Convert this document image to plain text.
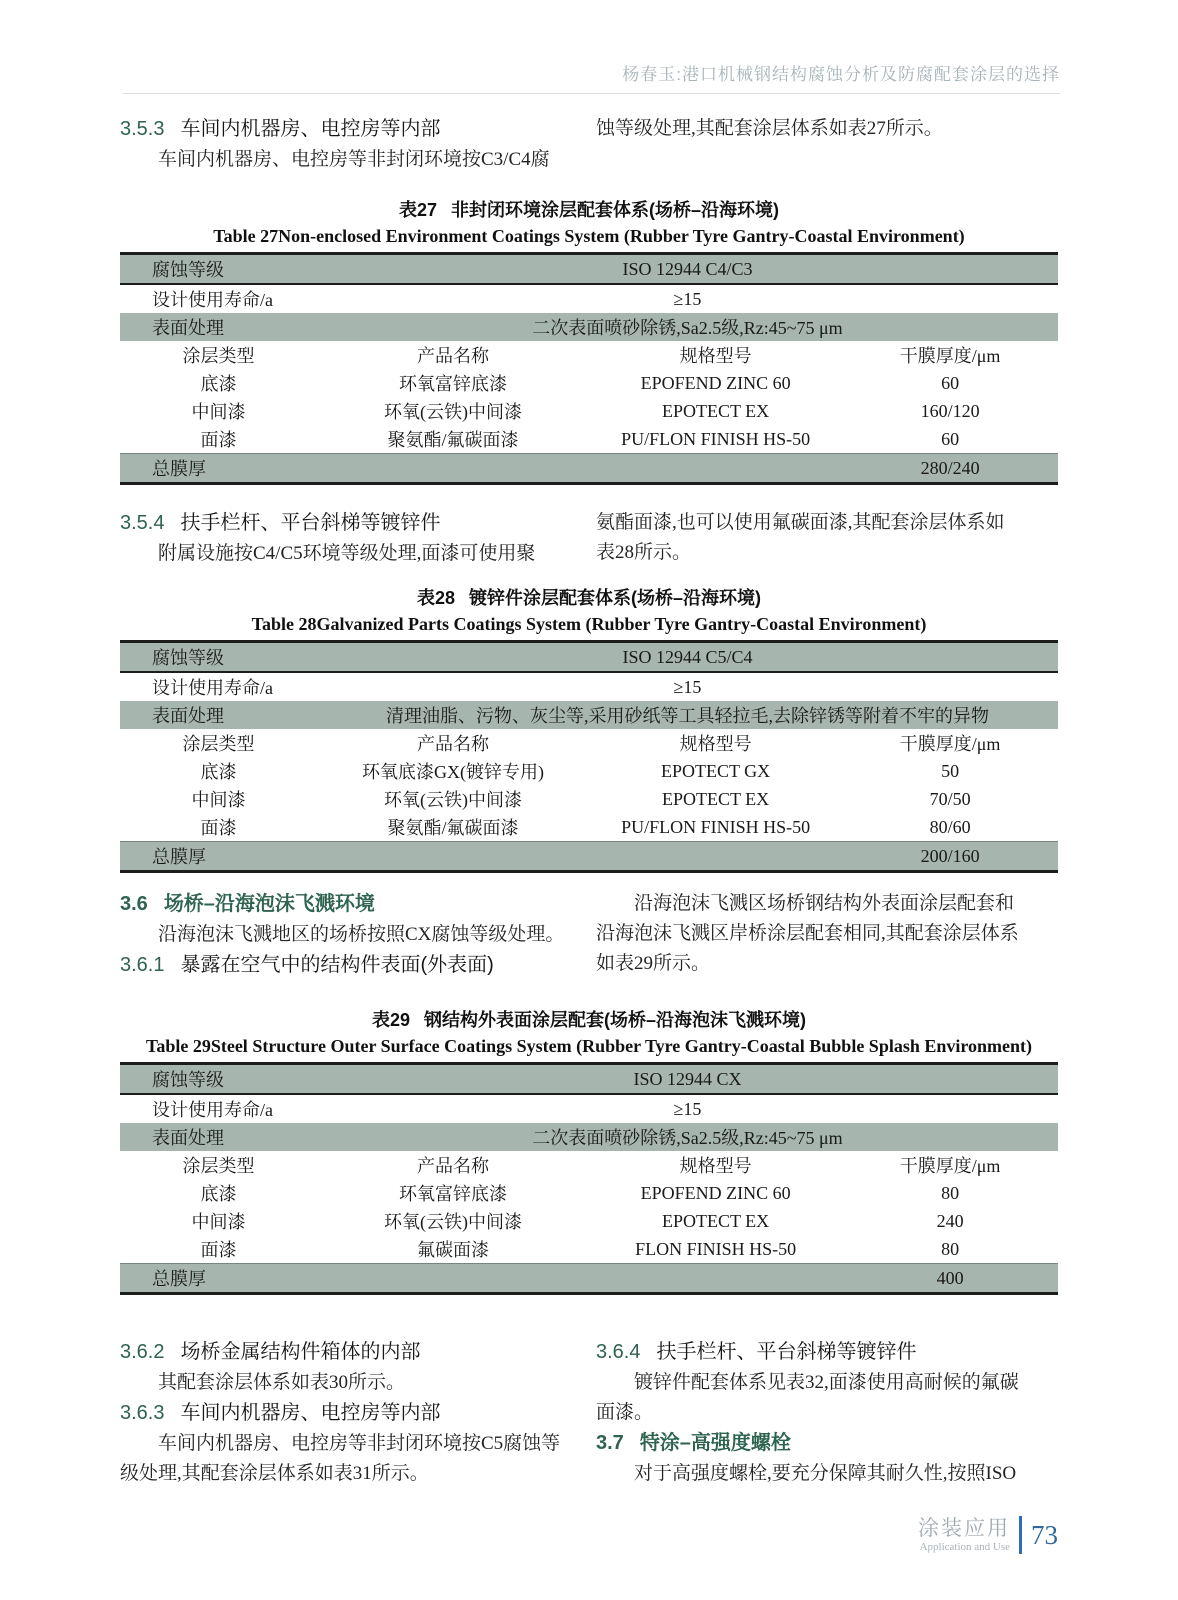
杨春玉:港口机械钢结构腐蚀分析及防腐配套涂层的选择
3.5.3 车间内机器房、电控房等内部
车间内机器房、电控房等非封闭环境按C3/C4腐
蚀等级处理,其配套涂层体系如表27所示。
表27 非封闭环境涂层配套体系(场桥–沿海环境)
Table 27Non-enclosed Environment Coatings System (Rubber Tyre Gantry-Coastal Environment)
腐蚀等级	ISO 12944 C4/C3
设计使用寿命/a	≥15
表面处理	二次表面喷砂除锈,Sa2.5级,Rz:45~75 μm
涂层类型	产品名称	规格型号	干膜厚度/μm
底漆	环氧富锌底漆	EPOFEND ZINC 60	60
中间漆	环氧(云铁)中间漆	EPOTECT EX	160/120
面漆	聚氨酯/氟碳面漆	PU/FLON FINISH HS-50	60
总膜厚	280/240
3.5.4 扶手栏杆、平台斜梯等镀锌件
附属设施按C4/C5环境等级处理,面漆可使用聚
氨酯面漆,也可以使用氟碳面漆,其配套涂层体系如
表28所示。
表28 镀锌件涂层配套体系(场桥–沿海环境)
Table 28Galvanized Parts Coatings System (Rubber Tyre Gantry-Coastal Environment)
腐蚀等级	ISO 12944 C5/C4
设计使用寿命/a	≥15
表面处理	清理油脂、污物、灰尘等,采用砂纸等工具轻拉毛,去除锌锈等附着不牢的异物
涂层类型	产品名称	规格型号	干膜厚度/μm
底漆	环氧底漆GX(镀锌专用)	EPOTECT GX	50
中间漆	环氧(云铁)中间漆	EPOTECT EX	70/50
面漆	聚氨酯/氟碳面漆	PU/FLON FINISH HS-50	80/60
总膜厚	200/160
3.6 场桥–沿海泡沫飞溅环境
沿海泡沫飞溅地区的场桥按照CX腐蚀等级处理。
3.6.1 暴露在空气中的结构件表面(外表面)
沿海泡沫飞溅区场桥钢结构外表面涂层配套和
沿海泡沫飞溅区岸桥涂层配套相同,其配套涂层体系
如表29所示。
表29 钢结构外表面涂层配套(场桥–沿海泡沫飞溅环境)
Table 29Steel Structure Outer Surface Coatings System (Rubber Tyre Gantry-Coastal Bubble Splash Environment)
腐蚀等级	ISO 12944 CX
设计使用寿命/a	≥15
表面处理	二次表面喷砂除锈,Sa2.5级,Rz:45~75 μm
涂层类型	产品名称	规格型号	干膜厚度/μm
底漆	环氧富锌底漆	EPOFEND ZINC 60	80
中间漆	环氧(云铁)中间漆	EPOTECT EX	240
面漆	氟碳面漆	FLON FINISH HS-50	80
总膜厚	400
3.6.2 场桥金属结构件箱体的内部
其配套涂层体系如表30所示。
3.6.3 车间内机器房、电控房等内部
车间内机器房、电控房等非封闭环境按C5腐蚀等
级处理,其配套涂层体系如表31所示。
3.6.4 扶手栏杆、平台斜梯等镀锌件
镀锌件配套体系见表32,面漆使用高耐候的氟碳
面漆。
3.7 特涂–高强度螺栓
对于高强度螺栓,要充分保障其耐久性,按照ISO
涂装应用
Application and Use 73
